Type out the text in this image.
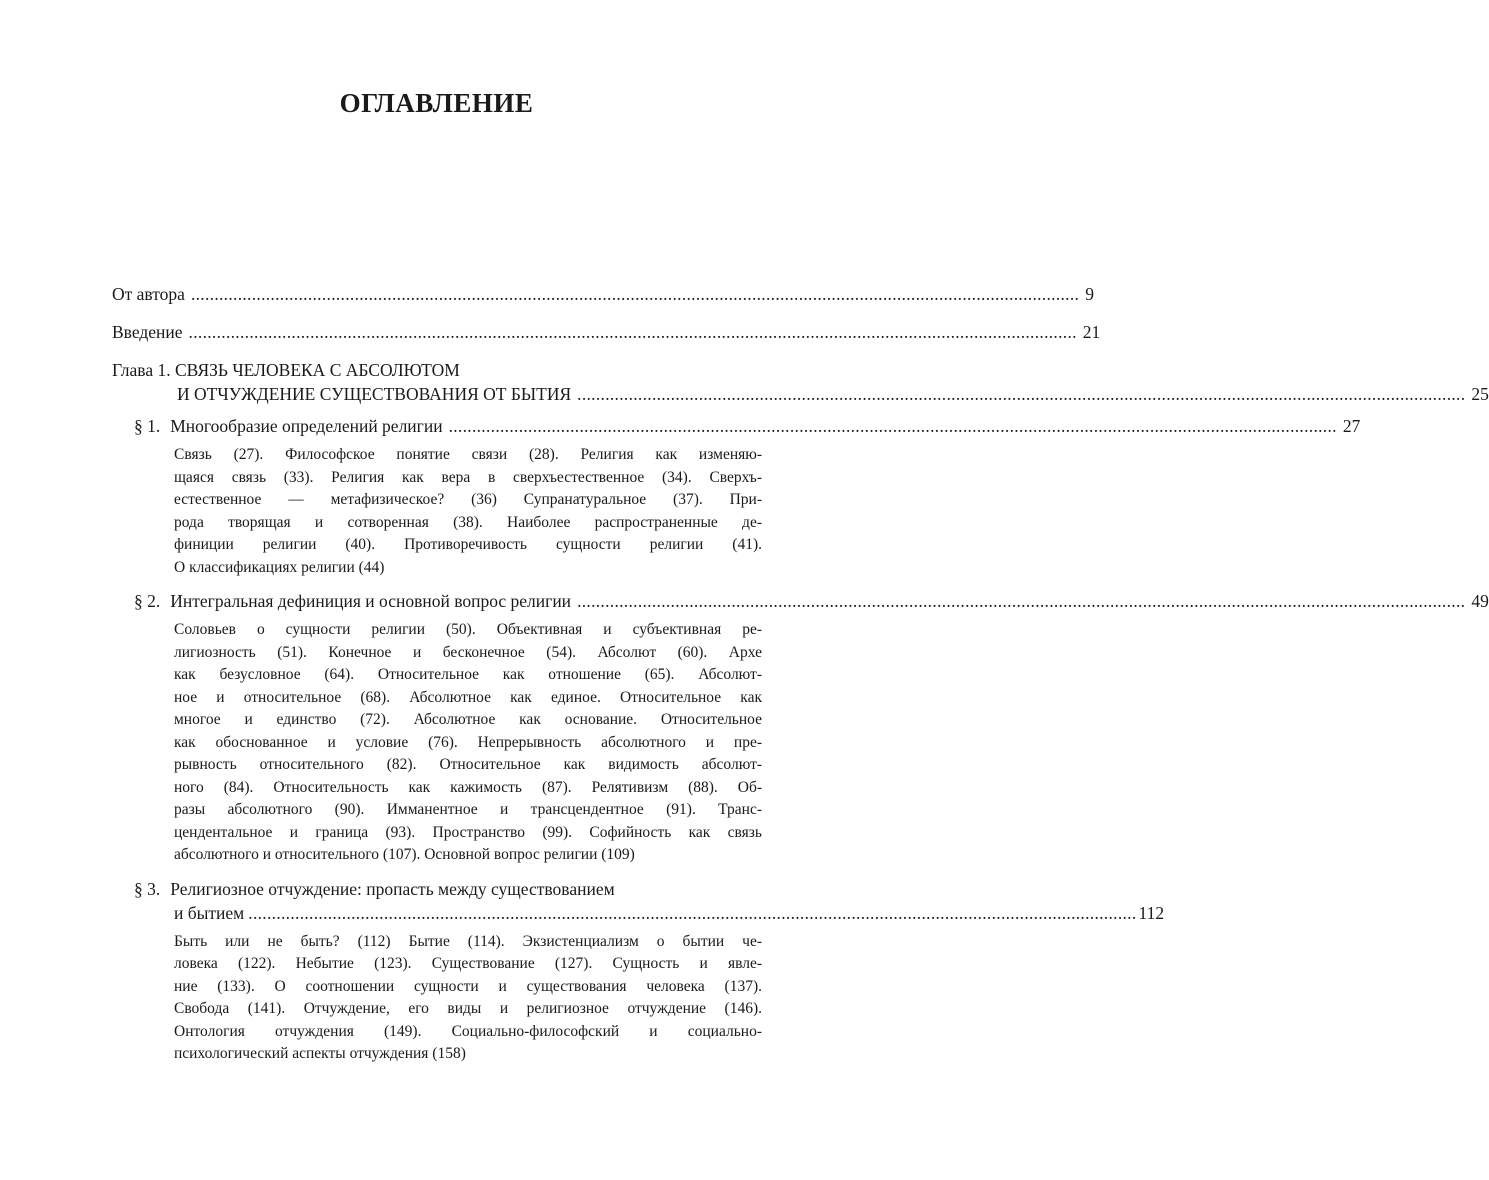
ОГЛАВЛЕНИЕ
От автора .............................................................................................................................................................................................. 9
Введение .............................................................................................................................................................................................. 21
Глава 1. СВЯЗЬ ЧЕЛОВЕКА С АБСОЛЮТОМ
И ОТЧУЖДЕНИЕ СУЩЕСТВОВАНИЯ ОТ БЫТИЯ .............................................................................................................................................................................................. 25
§ 1. Многообразие определений религии .............................................................................................................................................................................................. 27
Связь (27). Философское понятие связи (28). Религия как изменяю-
щаяся связь (33). Религия как вера в сверхъестественное (34). Сверхъ-
естественное — метафизическое? (36) Супранатуральное (37). При-
рода творящая и сотворенная (38). Наиболее распространенные де-
финиции религии (40). Противоречивость сущности религии (41).
О классификациях религии (44)
§ 2. Интегральная дефиниция и основной вопрос религии .............................................................................................................................................................................................. 49
Соловьев о сущности религии (50). Объективная и субъективная ре-
лигиозность (51). Конечное и бесконечное (54). Абсолют (60). Архе
как безусловное (64). Относительное как отношение (65). Абсолют-
ное и относительное (68). Абсолютное как единое. Относительное как
многое и единство (72). Абсолютное как основание. Относительное
как обоснованное и условие (76). Непрерывность абсолютного и пре-
рывность относительного (82). Относительное как видимость абсолют-
ного (84). Относительность как кажимость (87). Релятивизм (88). Об-
разы абсолютного (90). Имманентное и трансцендентное (91). Транс-
цендентальное и граница (93). Пространство (99). Софийность как связь
абсолютного и относительного (107). Основной вопрос религии (109)
§ 3. Религиозное отчуждение: пропасть между существованием
и бытием .............................................................................................................................................................................................. 112
Быть или не быть? (112) Бытие (114). Экзистенциализм о бытии че-
ловека (122). Небытие (123). Существование (127). Сущность и явле-
ние (133). О соотношении сущности и существования человека (137).
Свобода (141). Отчуждение, его виды и религиозное отчуждение (146).
Онтология отчуждения (149). Социально-философский и социально-
психологический аспекты отчуждения (158)
